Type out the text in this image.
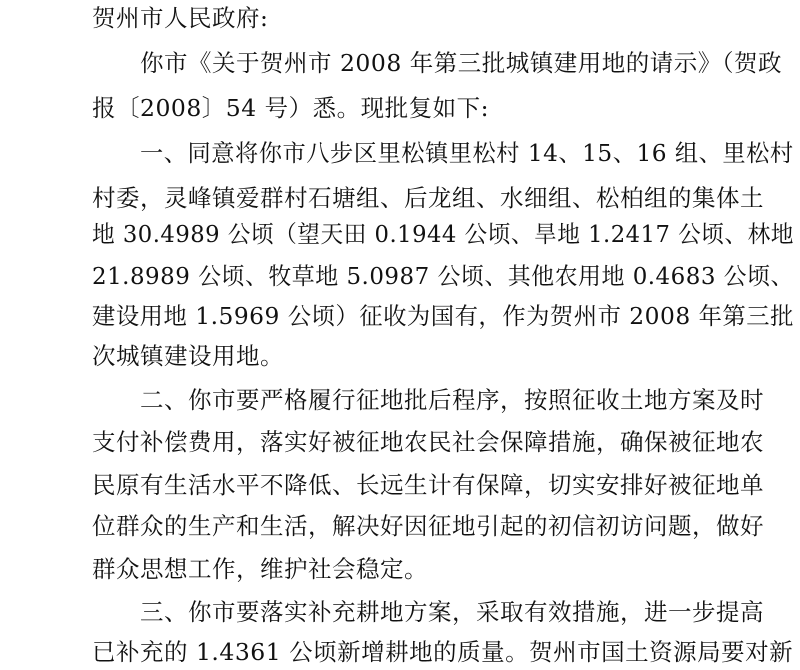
贺州市人民政府:
你市《关于贺州市 2008 年第三批城镇建用地的请示》（贺政
报〔2008〕54 号）悉。现批复如下:
一、同意将你市八步区里松镇里松村 14、15、16 组、里松村
村委，灵峰镇爱群村石塘组、后龙组、水细组、松柏组的集体土
地 30.4989 公顷（望天田 0.1944 公顷、旱地 1.2417 公顷、林地
21.8989 公顷、牧草地 5.0987 公顷、其他农用地 0.4683 公顷、
建设用地 1.5969 公顷）征收为国有，作为贺州市 2008 年第三批
次城镇建设用地。
二、你市要严格履行征地批后程序，按照征收土地方案及时
支付补偿费用，落实好被征地农民社会保障措施，确保被征地农
民原有生活水平不降低、长远生计有保障，切实安排好被征地单
位群众的生产和生活，解决好因征地引起的初信初访问题，做好
群众思想工作，维护社会稳定。
三、你市要落实补充耕地方案，采取有效措施，进一步提高
已补充的 1.4361 公顷新增耕地的质量。贺州市国土资源局要对新
